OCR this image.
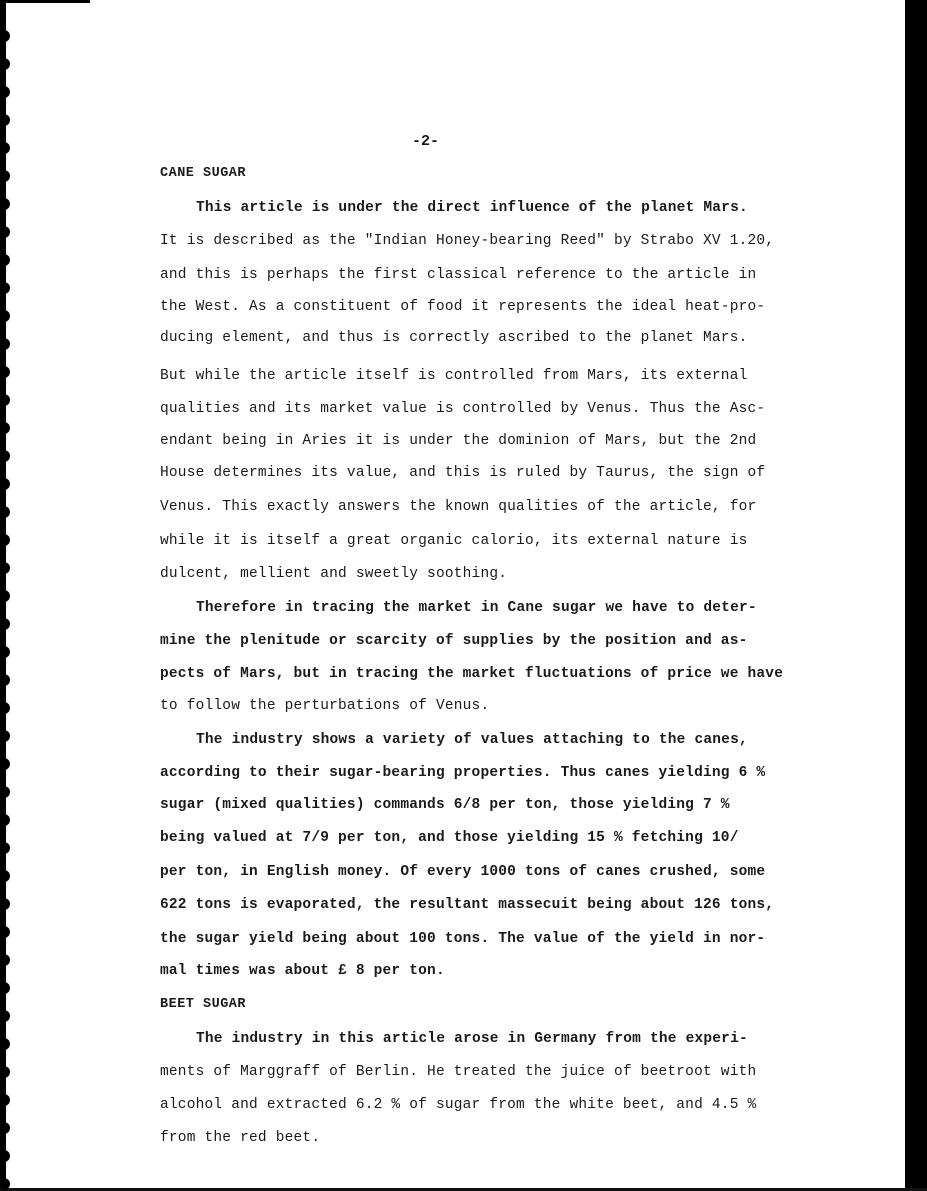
-2-
CANE SUGAR
This article is under the direct influence of the planet Mars.
It is described as the "Indian Honey-bearing Reed" by Strabo XV 1.20,
and this is perhaps the first classical reference to the article in
the West. As a constituent of food it represents the ideal heat-pro-
ducing element, and thus is correctly ascribed to the planet Mars.
But while the article itself is controlled from Mars, its external
qualities and its market value is controlled by Venus. Thus the Asc-
endant being in Aries it is under the dominion of Mars, but the 2nd
House determines its value, and this is ruled by Taurus, the sign of
Venus. This exactly answers the known qualities of the article, for
while it is itself a great organic calorio, its external nature is
dulcent, mellient and sweetly soothing.
Therefore in tracing the market in Cane sugar we have to deter-
mine the plenitude or scarcity of supplies by the position and as-
pects of Mars, but in tracing the market fluctuations of price we have
to follow the perturbations of Venus.
The industry shows a variety of values attaching to the canes,
according to their sugar-bearing properties. Thus canes yielding 6 %
sugar (mixed qualities) commands 6/8 per ton, those yielding 7 %
being valued at 7/9 per ton, and those yielding 15 % fetching 10/
per ton, in English money. Of every 1000 tons of canes crushed, some
622 tons is evaporated, the resultant massecuit being about 126 tons,
the sugar yield being about 100 tons. The value of the yield in nor-
mal times was about £ 8 per ton.
BEET SUGAR
The industry in this article arose in Germany from the experi-
ments of Marggraff of Berlin. He treated the juice of beetroot with
alcohol and extracted 6.2 % of sugar from the white beet, and 4.5 %
from the red beet.
